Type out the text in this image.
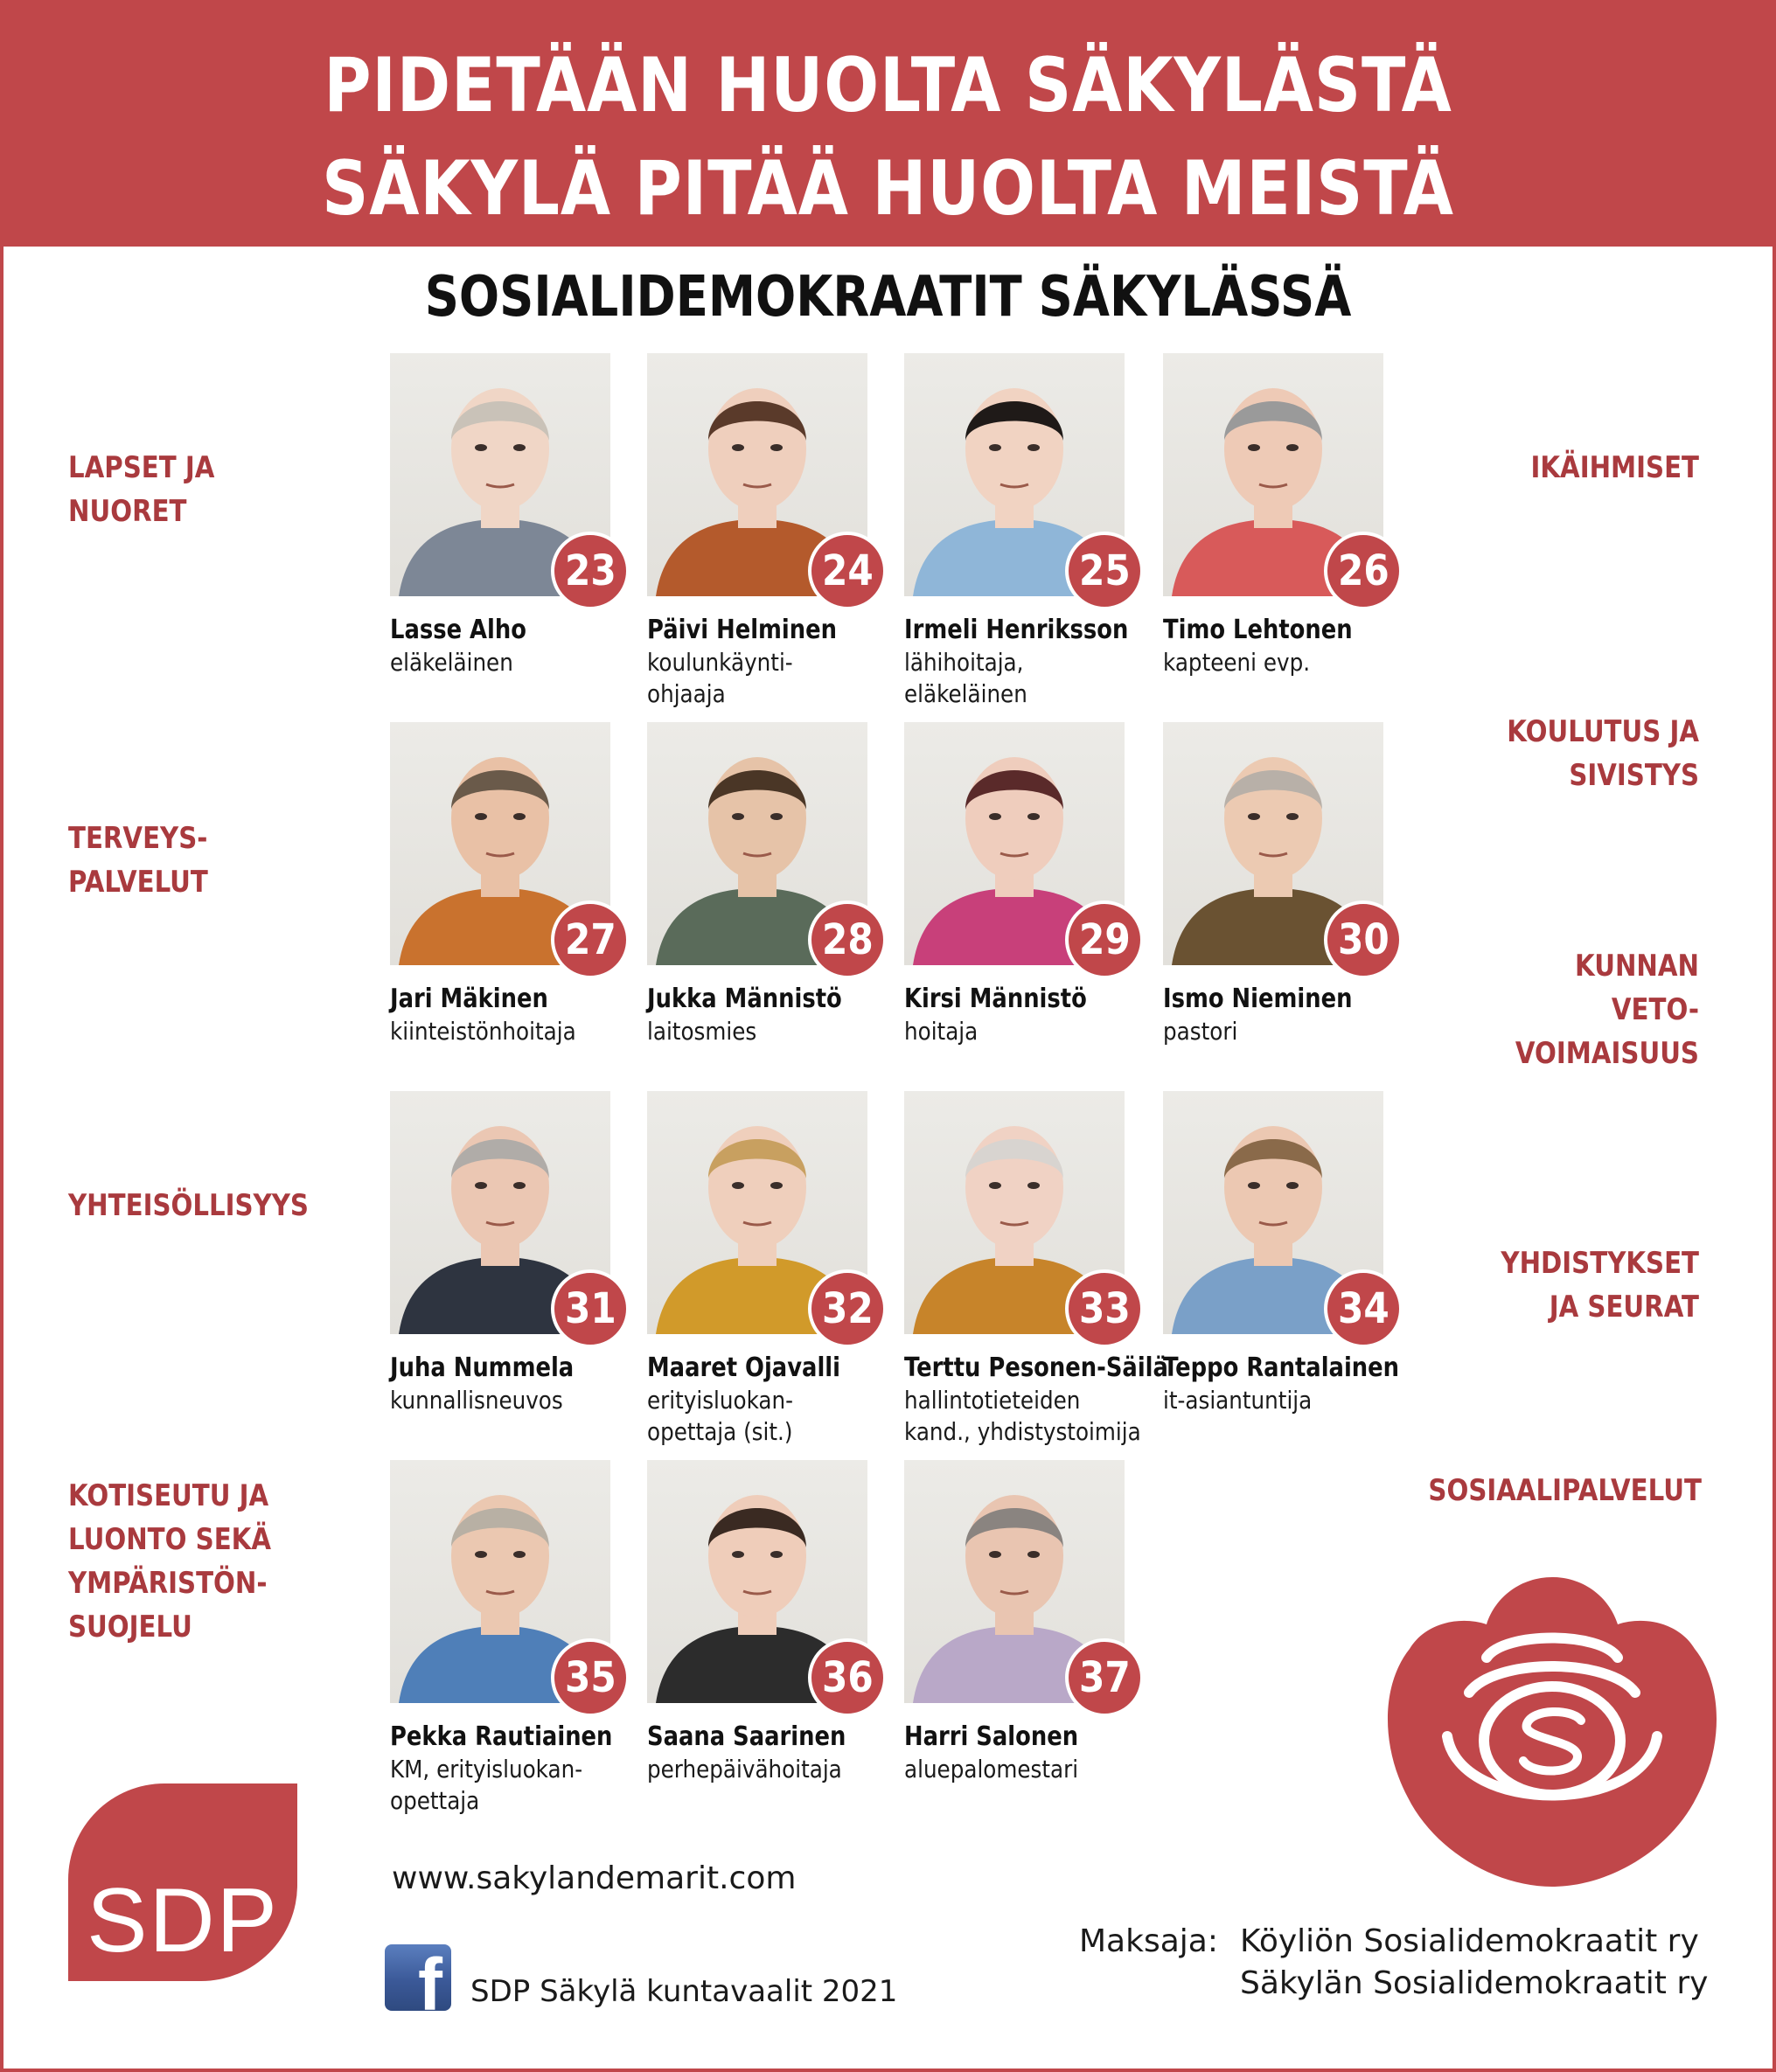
PIDETÄÄN HUOLTA SÄKYLÄSTÄ
SÄKYLÄ PITÄÄ HUOLTA MEISTÄ
SOSIALIDEMOKRAATIT SÄKYLÄSSÄ
LAPSET JA
NUORET
TERVEYS-
PALVELUT
YHTEISÖLLISYYS
KOTISEUTU JA
LUONTO SEKÄ
YMPÄRISTÖN-
SUOJELU
IKÄIHMISET
KOULUTUS JA
SIVISTYS
KUNNAN
VETO-
VOIMAISUUS
YHDISTYKSET
JA SEURAT
SOSIAALIPALVELUT
23
Lasse Alho
eläkeläinen
24
Päivi Helminen
koulunkäynti-
ohjaaja
25
Irmeli Henriksson
lähihoitaja,
eläkeläinen
26
Timo Lehtonen
kapteeni evp.
27
Jari Mäkinen
kiinteistönhoitaja
28
Jukka Männistö
laitosmies
29
Kirsi Männistö
hoitaja
30
Ismo Nieminen
pastori
31
Juha Nummela
kunnallisneuvos
32
Maaret Ojavalli
erityisluokan-
opettaja (sit.)
33
Terttu Pesonen-Säilä
hallintotieteiden
kand., yhdistystoimija
34
Teppo Rantalainen
it-asiantuntija
35
Pekka Rautiainen
KM, erityisluokan-
opettaja
36
Saana Saarinen
perhepäivähoitaja
37
Harri Salonen
aluepalomestari
SDP	www.sakylandemarit.com
f SDP Säkylä kuntavaalit 2021
Maksaja: Köyliön Sosialidemokraatit ry
Säkylän Sosialidemokraatit ry
